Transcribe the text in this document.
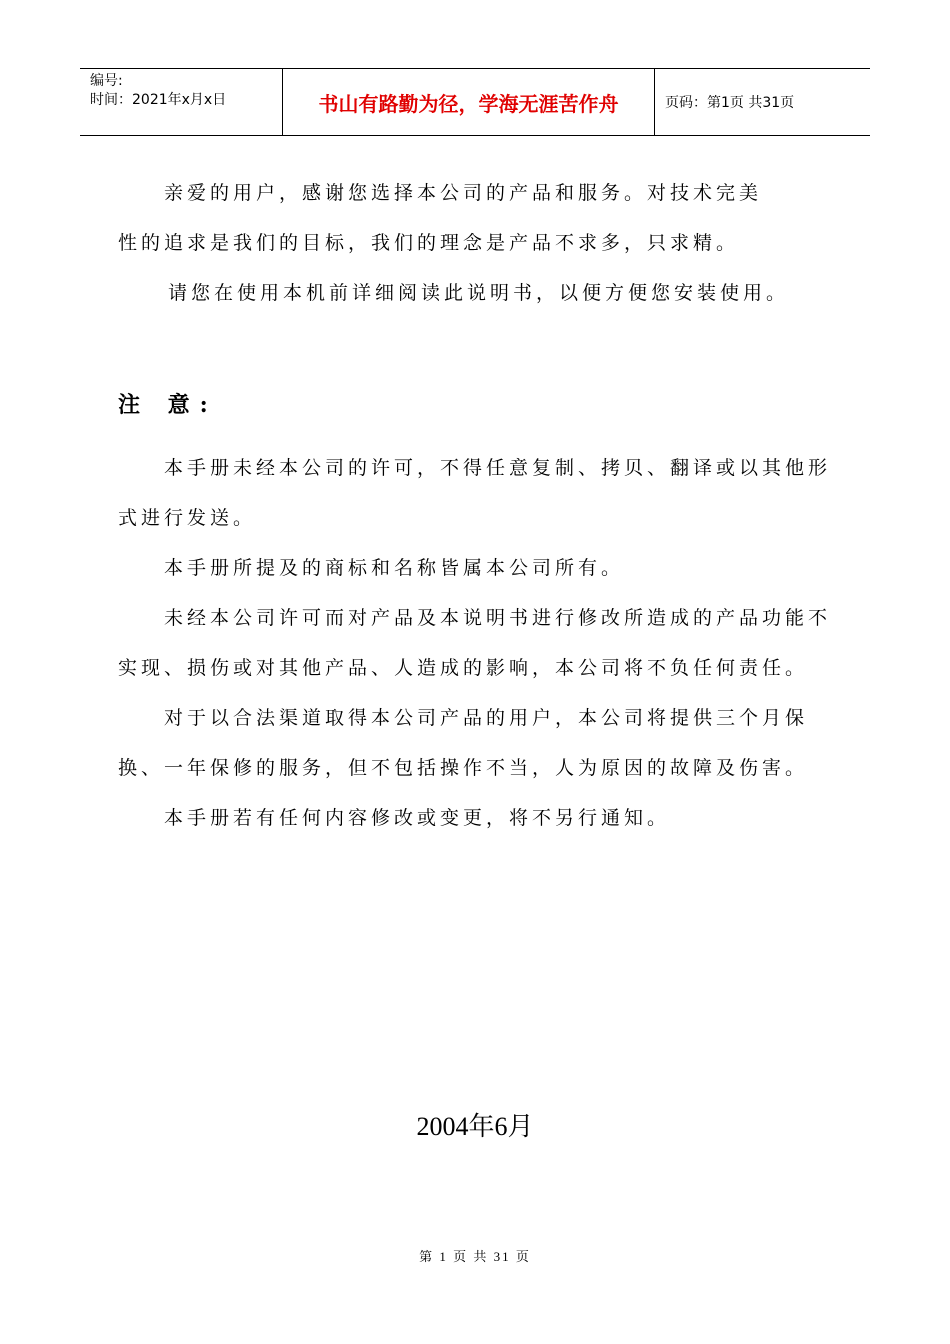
编号:
时间：2021年x月x日	书山有路勤为径，学海无涯苦作舟	页码：第1页 共31页

亲爱的用户，感谢您选择本公司的产品和服务。对技术完美

性的追求是我们的目标，我们的理念是产品不求多，只求精。

请您在使用本机前详细阅读此说明书，以便方便您安装使用。

注 意:

本手册未经本公司的许可，不得任意复制、拷贝、翻译或以其他形式进行发送。

本手册所提及的商标和名称皆属本公司所有。

未经本公司许可而对产品及本说明书进行修改所造成的产品功能不实现、损伤或对其他产品、人造成的影响，本公司将不负任何责任。

对于以合法渠道取得本公司产品的用户，本公司将提供三个月保换、一年保修的服务，但不包括操作不当，人为原因的故障及伤害。

本手册若有任何内容修改或变更，将不另行通知。

2004年6月
第 1 页 共 31 页
